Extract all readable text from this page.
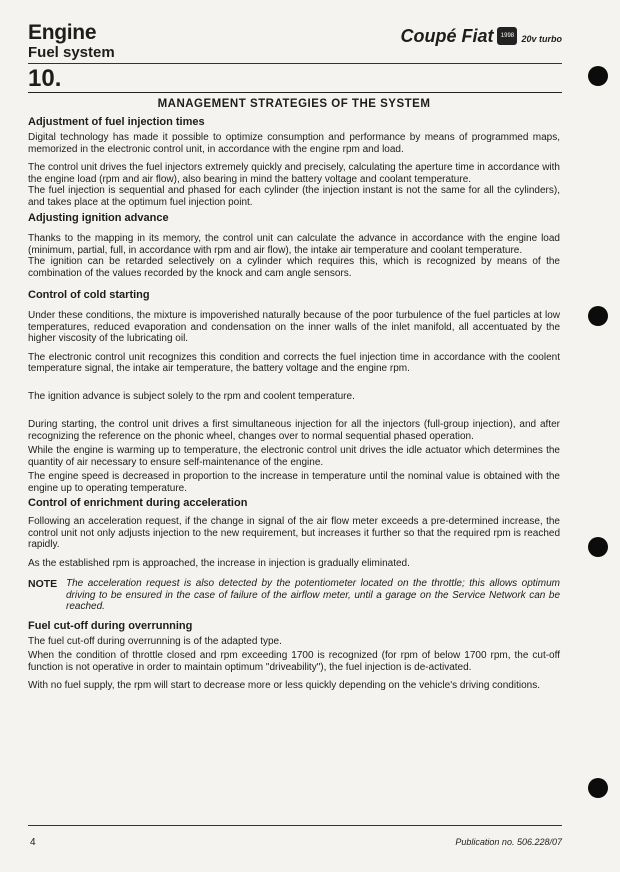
Engine
Fuel system
Coupé Fiat	1998 20v turbo
10.
MANAGEMENT STRATEGIES OF THE SYSTEM
Adjustment of fuel injection times

Digital technology has made it possible to optimize consumption and performance by means of programmed maps, memorized in the electronic control unit, in accordance with the engine rpm and load.

The control unit drives the fuel injectors extremely quickly and precisely, calculating the aperture time in accordance with the engine load (rpm and air flow), also bearing in mind the battery voltage and coolant temperature.

The fuel injection is sequential and phased for each cylinder (the injection instant is not the same for all the cylinders), and takes place at the optimum fuel injection point.

Adjusting ignition advance

Thanks to the mapping in its memory, the control unit can calculate the advance in accordance with the engine load (minimum, partial, full, in accordance with rpm and air flow), the intake air temperature and coolant temperature.

The ignition can be retarded selectively on a cylinder which requires this, which is recognized by means of the combination of the values recorded by the knock and cam angle sensors.

Control of cold starting

Under these conditions, the mixture is impoverished naturally because of the poor turbulence of the fuel particles at low temperatures, reduced evaporation and condensation on the inner walls of the inlet manifold, all accentuated by the higher viscosity of the lubricating oil.

The electronic control unit recognizes this condition and corrects the fuel injection time in accordance with the coolent temperature signal, the intake air temperature, the battery voltage and the engine rpm.

The ignition advance is subject solely to the rpm and coolent temperature.

During starting, the control unit drives a first simultaneous injection for all the injectors (full-group injection), and after recognizing the reference on the phonic wheel, changes over to normal sequential phased operation.

While the engine is warming up to temperature, the electronic control unit drives the idle actuator which determines the quantity of air necessary to ensure self-maintenance of the engine.

The engine speed is decreased in proportion to the increase in temperature until the nominal value is obtained with the engine up to operating temperature.

Control of enrichment during acceleration

Following an acceleration request, if the change in signal of the air flow meter exceeds a pre-determined increase, the control unit not only adjusts injection to the new requirement, but increases it further so that the required rpm is reached rapidly.

As the established rpm is approached, the increase in injection is gradually eliminated.

NOTE The acceleration request is also detected by the potentiometer located on the throttle; this allows optimum driving to be ensured in the case of failure of the airflow meter, until a garage on the Service Network can be reached.
Fuel cut-off during overrunning

The fuel cut-off during overrunning is of the adapted type.

When the condition of throttle closed and rpm exceeding 1700 is recognized (for rpm of below 1700 rpm, the cut-off function is not operative in order to maintain optimum "driveability"), the fuel injection is de-activated.

With no fuel supply, the rpm will start to decrease more or less quickly depending on the vehicle's driving conditions.

4	Publication no. 506.228/07
